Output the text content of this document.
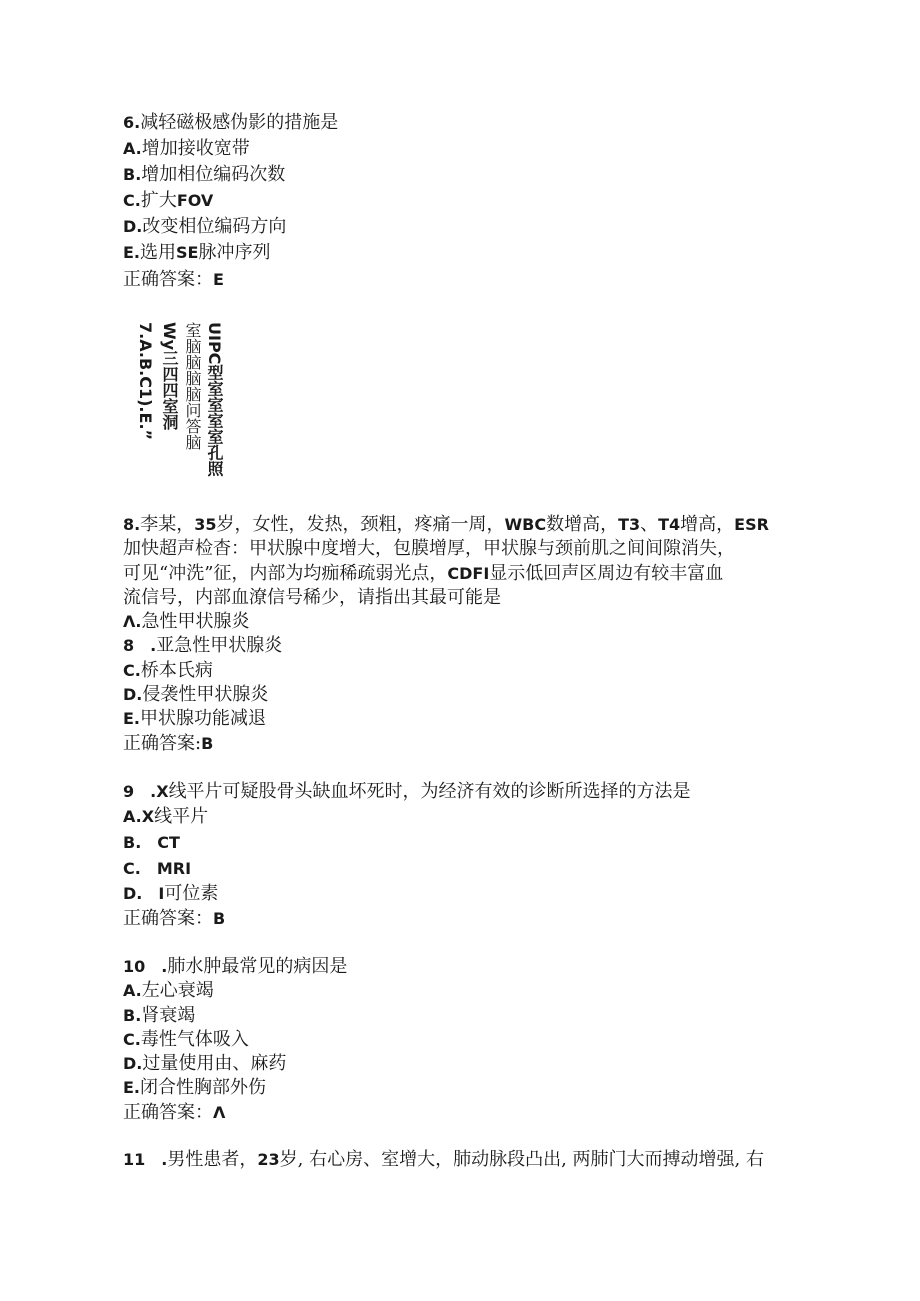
6.减轻磁极感伪影的措施是
A.增加接收宽带
B.增加相位编码次数
C.扩大FOV
D.改变相位编码方向
E.选用SE脉冲序列
正确答案：E
UIPC型室室室室孔照
室脑脑脑脑问答脑
Wy三四四室洞
7.A.B.C1).E.”
8.李某，35岁，女性，发热，颈粗，疼痛一周，WBC数增高，T3、T4增高，ESR
加快超声检杳：甲状腺中度增大，包膜增厚，甲状腺与颈前肌之间间隙消失，
可见“冲洗”征，内部为均痂稀疏弱光点，CDFI显示低回声区周边有较丰富血
流信号，内部血潦信号稀少，请指出其最可能是
Λ.急性甲状腺炎
8　.亚急性甲状腺炎
C.桥本氏病
D.侵袭性甲状腺炎
E.甲状腺功能减退
正确答案:B
9　.X线平片可疑股骨头缺血坏死时，为经济有效的诊断所选择的方法是
A.X线平片
B.　CT
C.　MRI
D.　I可位素
正确答案：B
10　.肺水肿最常见的病因是
A.左心衰竭
B.肾衰竭
C.毒性气体吸入
D.过量使用由、麻药
E.闭合性胸部外伤
正确答案：Λ
11　.男性患者，23岁, 右心房、室增大，肺动脉段凸出, 两肺门大而搏动增强, 右
